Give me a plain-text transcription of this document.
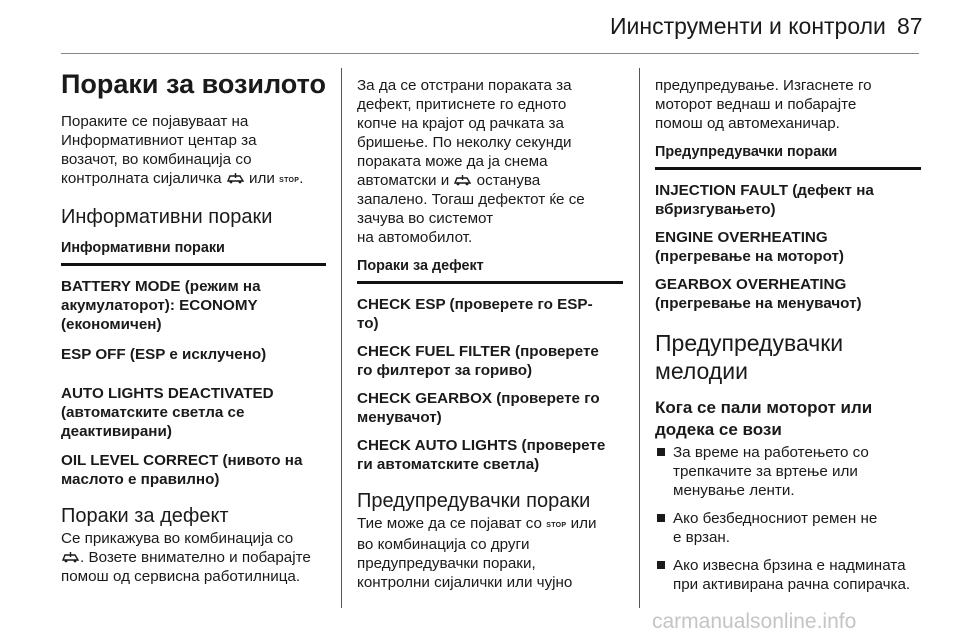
Иинструменти и контроли 87
Пораки за возилото

Пораките се појавуваат на
Информативниот центар за
возачот, во комбинација со
контролната сијаличка или STOP.

Информативни пораки
Информативни пораки

BATTERY MODE (режим на
акумулаторот): ECONOMY
(економичен)

ESP OFF (ESP е исклучено)

AUTO LIGHTS DEACTIVATED
(автоматските светла се
деактивирани)

OIL LEVEL CORRECT (нивото на
маслото е правилно)

Пораки за дефект

Се прикажува во комбинација со
. Возете внимателно и побарајте
помош од сервисна работилница.

За да се отстрани пораката за
дефект, притиснете го едното
копче на крајот од рачката за
бришење. По неколку секунди
пораката може да ја снема
автоматски и останува
запалено. Тогаш дефектот ќе се
зачува во системот
на автомобилот.

Пораки за дефект

CHECK ESP (проверете го ESP-
то)

CHECK FUEL FILTER (проверете
го филтерот за гориво)

CHECK GEARBOX (проверете го
менувачот)

CHECK AUTO LIGHTS (проверете
ги автоматските светла)

Предупредувачки пораки

Тие може да се појават со STOP или
во комбинација со други
предупредувачки пораки,
контролни сијалички или чујно

предупредување. Изгаснете го
моторот веднаш и побарајте
помош од автомеханичар.

Предупредувачки пораки

INJECTION FAULT (дефект на
вбризгувањето)

ENGINE OVERHEATING
(прегревање на моторот)

GEARBOX OVERHEATING
(прегревање на менувачот)

Предупредувачки
мелодии
Кога се пали моторот или
додека се вози
За време на работењето со
трепкачите за вртење или
менување ленти.
Ако безбедносниот ремен не
е врзан.
Ако извесна брзина е надмината
при активирана рачна сопирачка.
carmanualsonline.info
